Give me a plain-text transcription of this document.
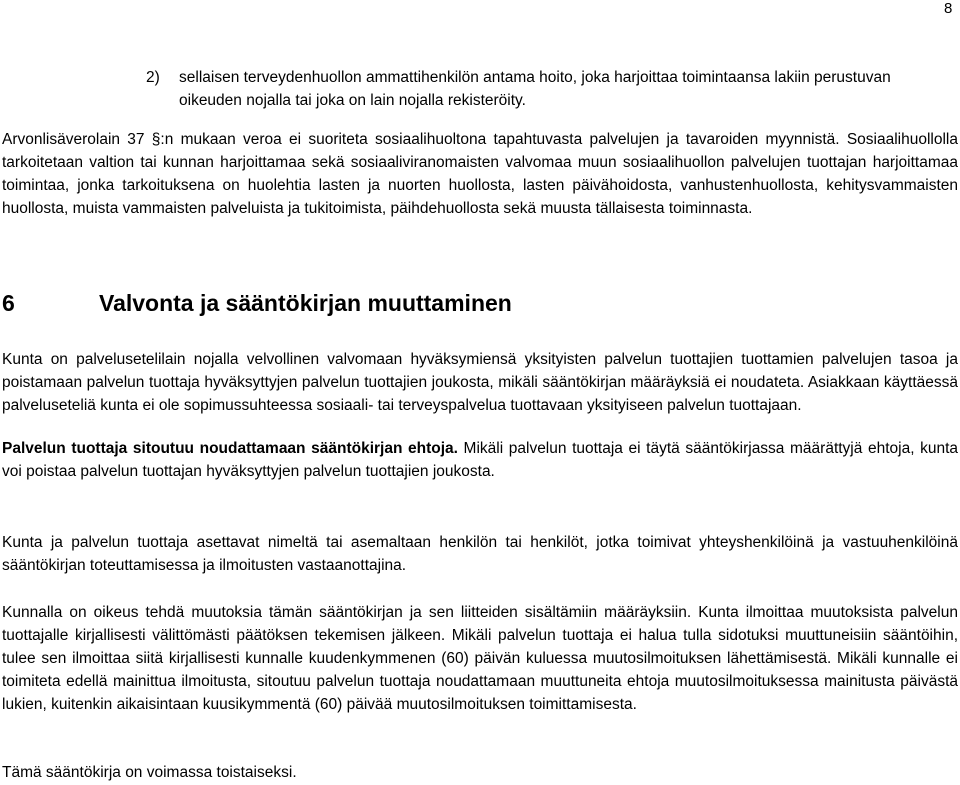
8
2) sellaisen terveydenhuollon ammattihenkilön antama hoito, joka harjoittaa toimintaansa lakiin perustuvan oikeuden nojalla tai joka on lain nojalla rekisteröity.

Arvonlisäverolain 37 §:n mukaan veroa ei suoriteta sosiaalihuoltona tapahtuvasta palvelujen ja tavaroiden myynnistä. Sosiaalihuollolla tarkoitetaan valtion tai kunnan harjoittamaa sekä sosiaaliviranomaisten valvomaa muun sosiaalihuollon palvelujen tuottajan harjoittamaa toimintaa, jonka tarkoituksena on huolehtia lasten ja nuorten huollosta, lasten päivähoidosta, vanhustenhuollosta, kehitysvammaisten huollosta, muista vammaisten palveluista ja tukitoimista, päihdehuollosta sekä muusta tällaisesta toiminnasta.

6	Valvonta ja sääntökirjan muuttaminen

Kunta on palvelusetelilain nojalla velvollinen valvomaan hyväksymiensä yksityisten palvelun tuottajien tuottamien palvelujen tasoa ja poistamaan palvelun tuottaja hyväksyttyjen palvelun tuottajien joukosta, mikäli sääntökirjan määräyksiä ei noudateta. Asiakkaan käyttäessä palveluseteliä kunta ei ole sopimussuhteessa sosiaali- tai terveyspalvelua tuottavaan yksityiseen palvelun tuottajaan.

Palvelun tuottaja sitoutuu noudattamaan sääntökirjan ehtoja. Mikäli palvelun tuottaja ei täytä sääntökirjassa määrättyjä ehtoja, kunta voi poistaa palvelun tuottajan hyväksyttyjen palvelun tuottajien joukosta.

Kunta ja palvelun tuottaja asettavat nimeltä tai asemaltaan henkilön tai henkilöt, jotka toimivat yhteyshenkilöinä ja vastuuhenkilöinä sääntökirjan toteuttamisessa ja ilmoitusten vastaanottajina.

Kunnalla on oikeus tehdä muutoksia tämän sääntökirjan ja sen liitteiden sisältämiin määräyksiin. Kunta ilmoittaa muutoksista palvelun tuottajalle kirjallisesti välittömästi päätöksen tekemisen jälkeen. Mikäli palvelun tuottaja ei halua tulla sidotuksi muuttuneisiin sääntöihin, tulee sen ilmoittaa siitä kirjallisesti kunnalle kuudenkymmenen (60) päivän kuluessa muutosilmoituksen lähettämisestä. Mikäli kunnalle ei toimiteta edellä mainittua ilmoitusta, sitoutuu palvelun tuottaja noudattamaan muuttuneita ehtoja muutosilmoituksessa mainitusta päivästä lukien, kuitenkin aikaisintaan kuusikymmentä (60) päivää muutosilmoituksen toimittamisesta.

Tämä sääntökirja on voimassa toistaiseksi.
